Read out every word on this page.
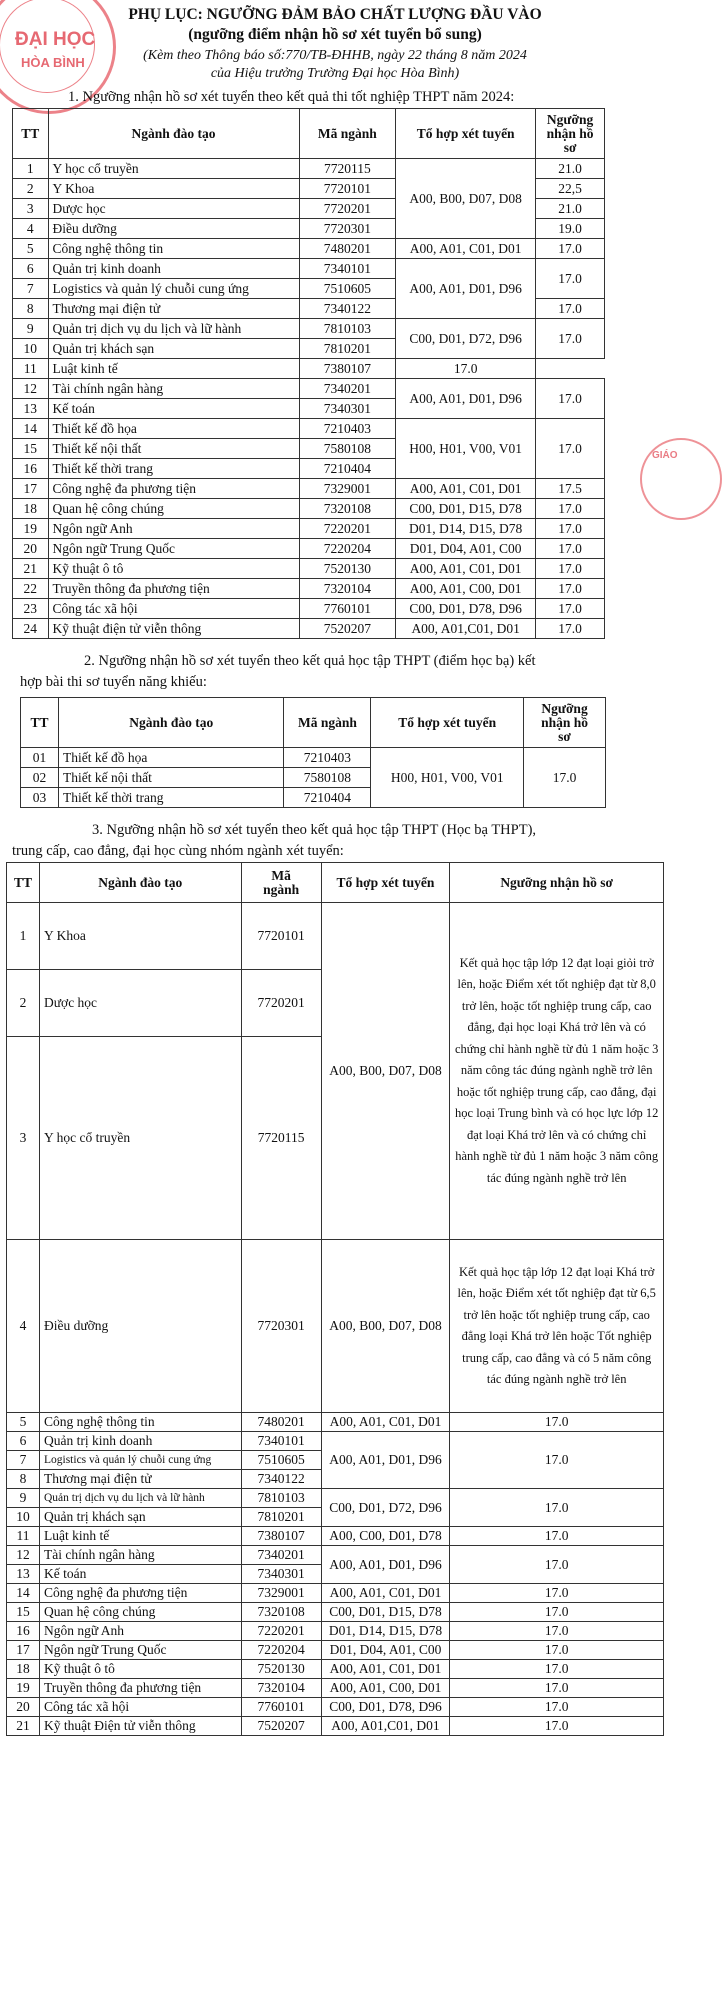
ĐẠI HỌC
HÒA BÌNH
GIÁO
PHỤ LỤC: NGƯỠNG ĐẢM BẢO CHẤT LƯỢNG ĐẦU VÀO
(ngưỡng điểm nhận hồ sơ xét tuyển bổ sung)
(Kèm theo Thông báo số:770/TB-ĐHHB, ngày 22 tháng 8 năm 2024
của Hiệu trưởng Trường Đại học Hòa Bình)
1. Ngưỡng nhận hồ sơ xét tuyển theo kết quả thi tốt nghiệp THPT năm 2024:
TT	Ngành đào tạo	Mã ngành	Tổ hợp xét tuyển	Ngưỡng
nhận hồ
sơ
1	Y học cổ truyền	7720115	A00, B00, D07, D08	21.0
2	Y Khoa	7720101		22,5
3	Dược học	7720201		21.0
4	Điều dưỡng	7720301		19.0
5	Công nghệ thông tin	7480201	A00, A01, C01, D01	17.0
6	Quản trị kinh doanh	7340101	A00, A01, D01, D96	17.0
7	Logistics và quản lý chuỗi cung ứng	7510605		
8	Thương mại điện tử	7340122		17.0
9	Quản trị dịch vụ du lịch và lữ hành	7810103	C00, D01, D72, D96	17.0
10	Quản trị khách sạn	7810201		
11	Luật kinh tế	7380107	17.0	
12	Tài chính ngân hàng	7340201	A00, A01, D01, D96	17.0
13	Kế toán	7340301		
14	Thiết kế đồ họa	7210403	H00, H01, V00, V01	17.0
15	Thiết kế nội thất	7580108		
16	Thiết kế thời trang	7210404		
17	Công nghệ đa phương tiện	7329001	A00, A01, C01, D01	17.5
18	Quan hệ công chúng	7320108	C00, D01, D15, D78	17.0
19	Ngôn ngữ Anh	7220201	D01, D14, D15, D78	17.0
20	Ngôn ngữ Trung Quốc	7220204	D01, D04, A01, C00	17.0
21	Kỹ thuật ô tô	7520130	A00, A01, C01, D01	17.0
22	Truyền thông đa phương tiện	7320104	A00, A01, C00, D01	17.0
23	Công tác xã hội	7760101	C00, D01, D78, D96	17.0
24	Kỹ thuật điện tử viễn thông	7520207	A00, A01,C01, D01	17.0
2. Ngưỡng nhận hồ sơ xét tuyển theo kết quả học tập THPT (điểm học bạ) kết
hợp bài thi sơ tuyển năng khiếu:
TT	Ngành đào tạo	Mã ngành	Tổ hợp xét tuyển	Ngưỡng
nhận hồ
sơ
01	Thiết kế đồ họa	7210403	H00, H01, V00, V01	17.0
02	Thiết kế nội thất	7580108		
03	Thiết kế thời trang	7210404		
3. Ngưỡng nhận hồ sơ xét tuyển theo kết quả học tập THPT (Học bạ THPT),
trung cấp, cao đẳng, đại học cùng nhóm ngành xét tuyển:
TT	Ngành đào tạo	Mã
ngành	Tổ hợp xét tuyển	Ngưỡng nhận hồ sơ
1	Y Khoa	7720101	A00, B00, D07, D08	Kết quả học tập lớp 12 đạt loại giỏi trở lên, hoặc Điểm xét tốt nghiệp đạt từ 8,0 trở lên, hoặc tốt nghiệp trung cấp, cao đẳng, đại học loại Khá trở lên và có chứng chỉ hành nghề từ đủ 1 năm hoặc 3 năm công tác đúng ngành nghề trở lên hoặc tốt nghiệp trung cấp, cao đẳng, đại học loại Trung bình và có học lực lớp 12 đạt loại Khá trở lên và có chứng chỉ hành nghề từ đủ 1 năm hoặc 3 năm công tác đúng ngành nghề trở lên
2	Dược học	7720201		
3	Y học cổ truyền	7720115		
4	Điều dưỡng	7720301	A00, B00, D07, D08	Kết quả học tập lớp 12 đạt loại Khá trở lên, hoặc Điểm xét tốt nghiệp đạt từ 6,5 trở lên hoặc tốt nghiệp trung cấp, cao đẳng loại Khá trở lên hoặc Tốt nghiệp trung cấp, cao đẳng và có 5 năm công tác đúng ngành nghề trở lên
5	Công nghệ thông tin	7480201	A00, A01, C01, D01	17.0
6	Quản trị kinh doanh	7340101	A00, A01, D01, D96	17.0
7	Logistics và quản lý chuỗi cung ứng	7510605		
8	Thương mại điện tử	7340122		
9	Quản trị dịch vụ du lịch và lữ hành	7810103	C00, D01, D72, D96	17.0
10	Quản trị khách sạn	7810201		
11	Luật kinh tế	7380107	A00, C00, D01, D78	17.0
12	Tài chính ngân hàng	7340201	A00, A01, D01, D96	17.0
13	Kế toán	7340301		
14	Công nghệ đa phương tiện	7329001	A00, A01, C01, D01	17.0
15	Quan hệ công chúng	7320108	C00, D01, D15, D78	17.0
16	Ngôn ngữ Anh	7220201	D01, D14, D15, D78	17.0
17	Ngôn ngữ Trung Quốc	7220204	D01, D04, A01, C00	17.0
18	Kỹ thuật ô tô	7520130	A00, A01, C01, D01	17.0
19	Truyền thông đa phương tiện	7320104	A00, A01, C00, D01	17.0
20	Công tác xã hội	7760101	C00, D01, D78, D96	17.0
21	Kỹ thuật Điện tử viễn thông	7520207	A00, A01,C01, D01	17.0
